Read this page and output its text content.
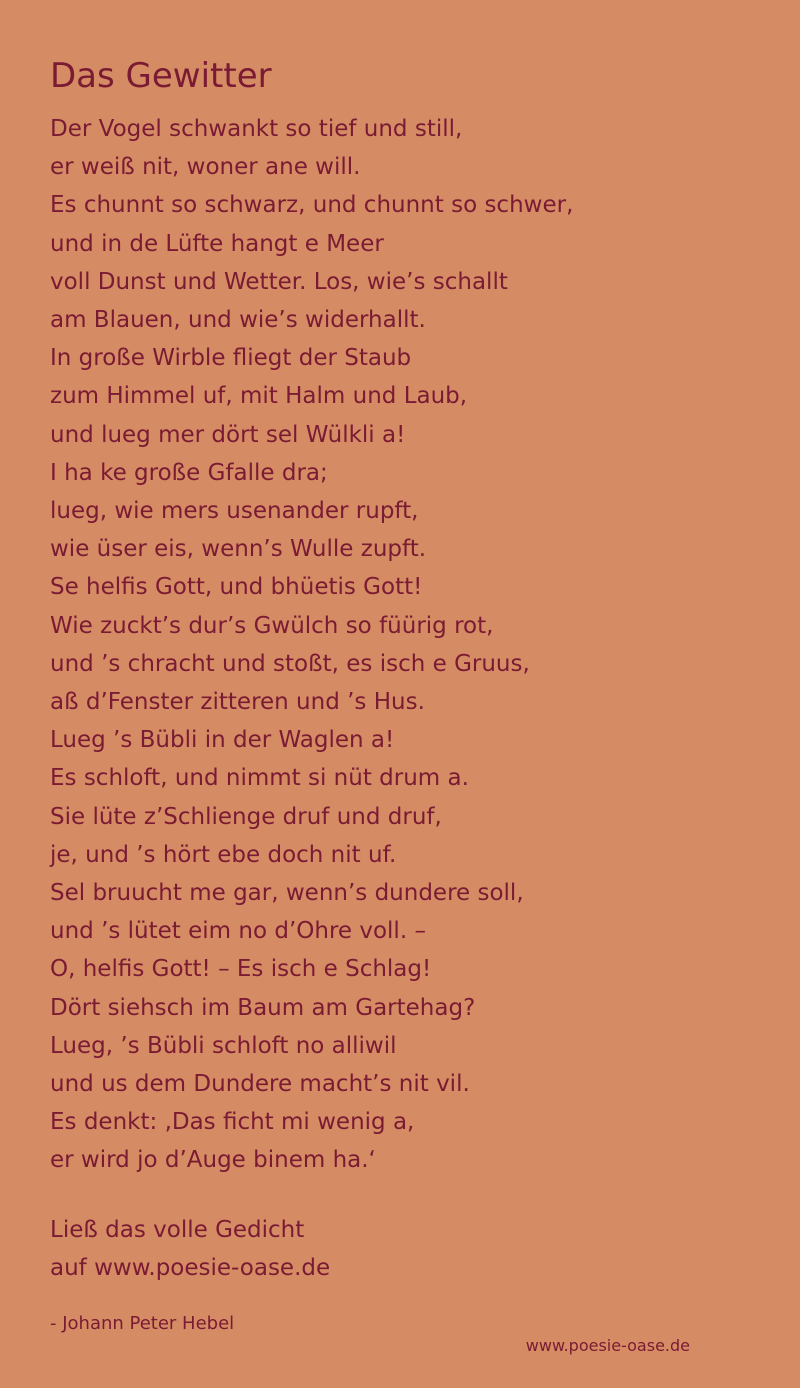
Das Gewitter
Der Vogel schwankt so tief und still,
er weiß nit, woner ane will.
Es chunnt so schwarz, und chunnt so schwer,
und in de Lüfte hangt e Meer
voll Dunst und Wetter. Los, wie’s schallt
am Blauen, und wie’s widerhallt.
In große Wirble fliegt der Staub
zum Himmel uf, mit Halm und Laub,
und lueg mer dört sel Wülkli a!
I ha ke große Gfalle dra;
lueg, wie mers usenander rupft,
wie üser eis, wenn’s Wulle zupft.
Se helfis Gott, und bhüetis Gott!
Wie zuckt’s dur’s Gwülch so füürig rot,
und ’s chracht und stoßt, es isch e Gruus,
aß d’Fenster zitteren und ’s Hus.
Lueg ’s Bübli in der Waglen a!
Es schloft, und nimmt si nüt drum a.
Sie lüte z’Schlienge druf und druf,
je, und ’s hört ebe doch nit uf.
Sel bruucht me gar, wenn’s dundere soll,
und ’s lütet eim no d’Ohre voll. –
O, helfis Gott! – Es isch e Schlag!
Dört siehsch im Baum am Gartehag?
Lueg, ’s Bübli schloft no alliwil
und us dem Dundere macht’s nit vil.
Es denkt: ‚Das ficht mi wenig a,
er wird jo d’Auge binem ha.‘
Ließ das volle Gedicht
auf www.poesie-oase.de
- Johann Peter Hebel
www.poesie-oase.de
